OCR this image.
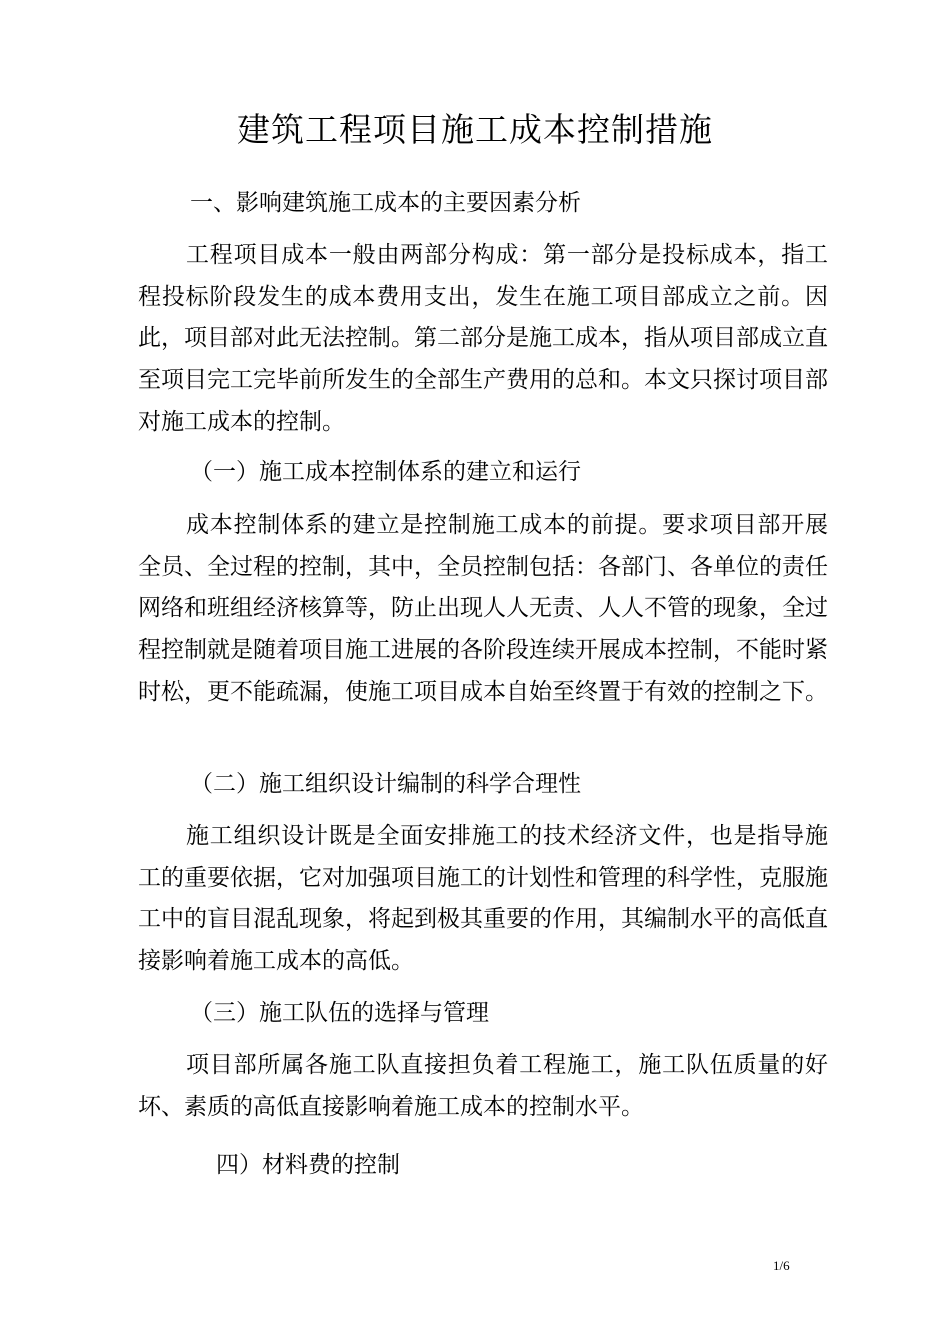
建筑工程项目施工成本控制措施
一、影响建筑施工成本的主要因素分析
工程项目成本一般由两部分构成：第一部分是投标成本，指工程投标阶段发生的成本费用支出，发生在施工项目部成立之前。因此，项目部对此无法控制。第二部分是施工成本，指从项目部成立直至项目完工完毕前所发生的全部生产费用的总和。本文只探讨项目部对施工成本的控制。
（一）施工成本控制体系的建立和运行
成本控制体系的建立是控制施工成本的前提。要求项目部开展全员、全过程的控制，其中，全员控制包括：各部门、各单位的责任网络和班组经济核算等，防止出现人人无责、人人不管的现象，全过程控制就是随着项目施工进展的各阶段连续开展成本控制，不能时紧时松，更不能疏漏，使施工项目成本自始至终置于有效的控制之下。
（二）施工组织设计编制的科学合理性
施工组织设计既是全面安排施工的技术经济文件，也是指导施工的重要依据，它对加强项目施工的计划性和管理的科学性，克服施工中的盲目混乱现象，将起到极其重要的作用，其编制水平的高低直接影响着施工成本的高低。
（三）施工队伍的选择与管理
项目部所属各施工队直接担负着工程施工，施工队伍质量的好坏、素质的高低直接影响着施工成本的控制水平。
四）材料费的控制
1/6
